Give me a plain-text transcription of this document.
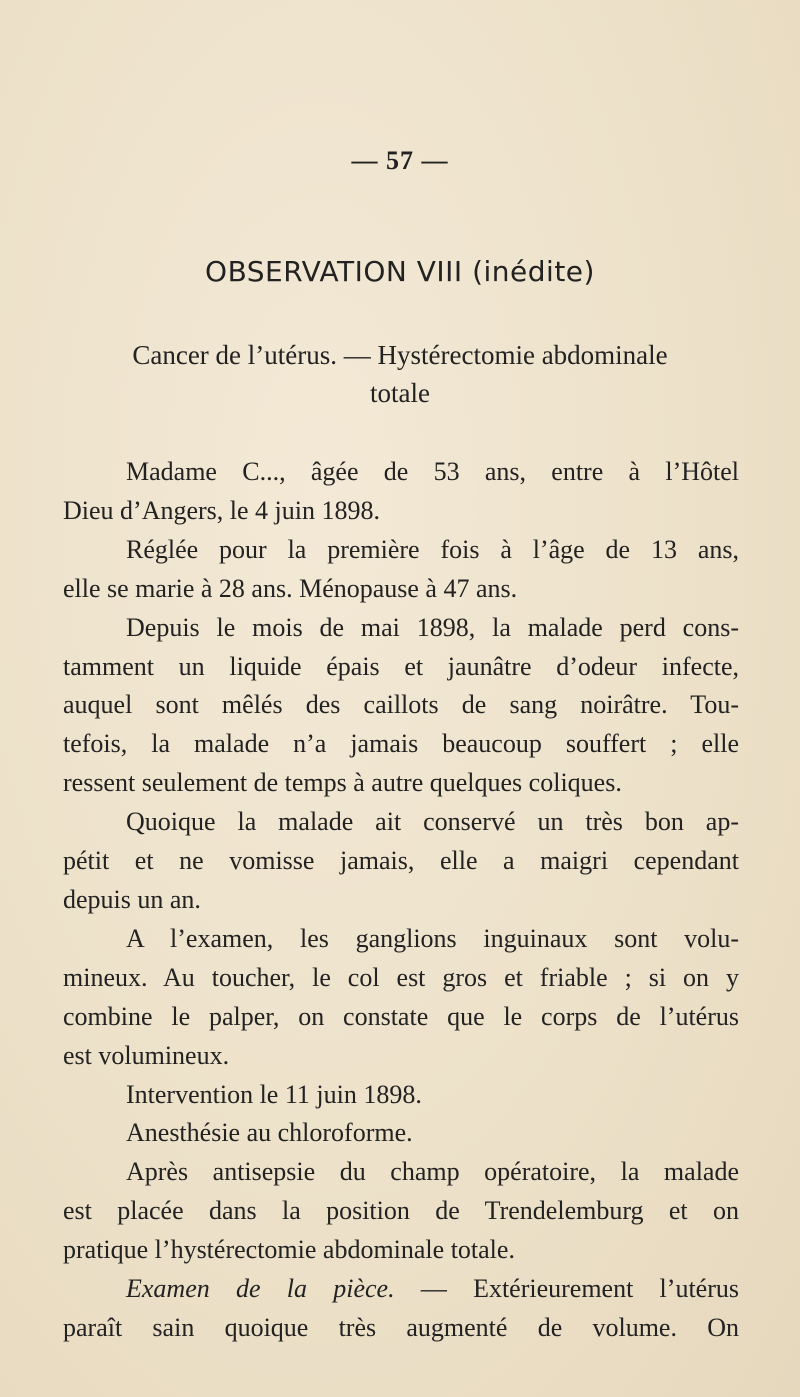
— 57 —
OBSERVATION VIII (inédite)
Cancer de l’utérus. — Hystérectomie abdominale
totale
Madame C..., âgée de 53 ans, entre à l’Hôtel
Dieu d’Angers, le 4 juin 1898.
Réglée pour la première fois à l’âge de 13 ans,
elle se marie à 28 ans. Ménopause à 47 ans.
Depuis le mois de mai 1898, la malade perd cons-
tamment un liquide épais et jaunâtre d’odeur infecte,
auquel sont mêlés des caillots de sang noirâtre. Tou-
tefois, la malade n’a jamais beaucoup souffert ; elle
ressent seulement de temps à autre quelques coliques.
Quoique la malade ait conservé un très bon ap-
pétit et ne vomisse jamais, elle a maigri cependant
depuis un an.
A l’examen, les ganglions inguinaux sont volu-
mineux. Au toucher, le col est gros et friable ; si on y
combine le palper, on constate que le corps de l’utérus
est volumineux.
Intervention le 11 juin 1898.
Anesthésie au chloroforme.
Après antisepsie du champ opératoire, la malade
est placée dans la position de Trendelemburg et on
pratique l’hystérectomie abdominale totale.
Examen de la pièce. — Extérieurement l’utérus
paraît sain quoique très augmenté de volume. On
